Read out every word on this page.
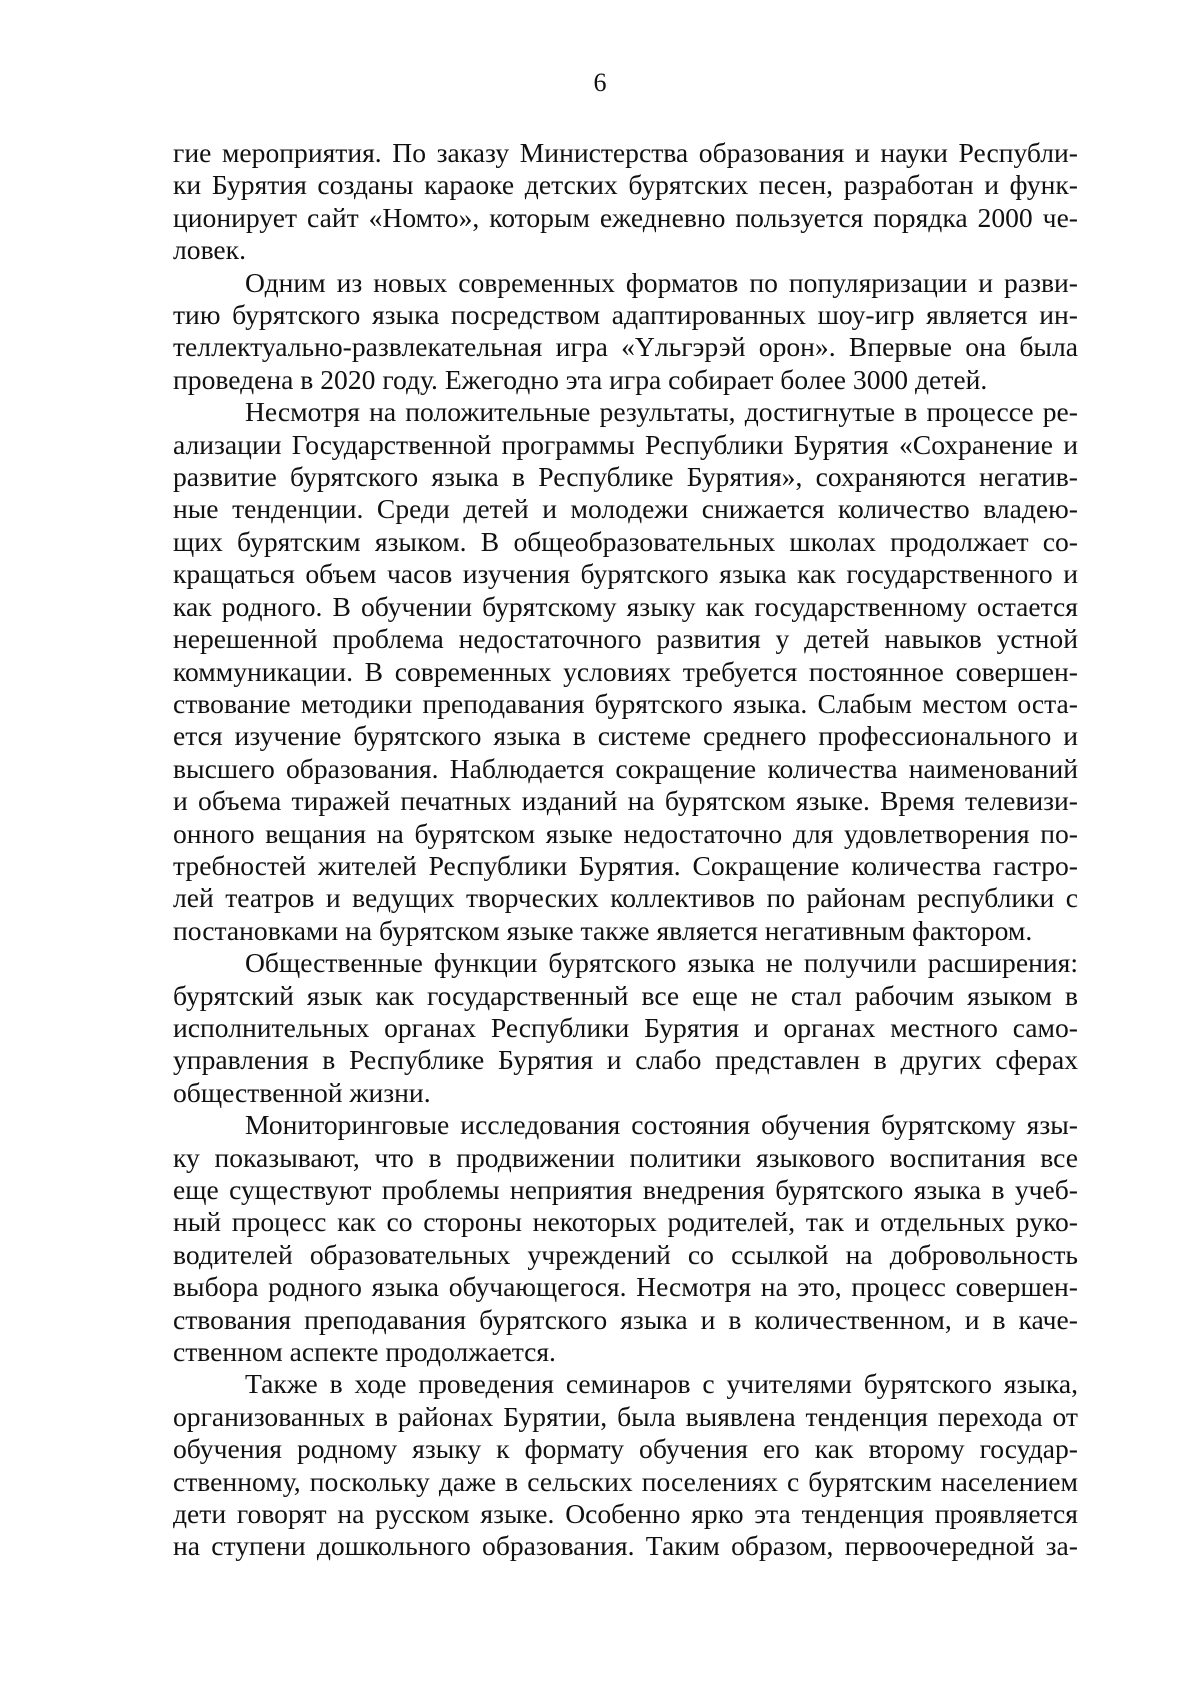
6

гие мероприятия. По заказу Министерства образования и науки Республи-
ки Бурятия созданы караоке детских бурятских песен, разработан и функ-
ционирует сайт «Номто», которым ежедневно пользуется порядка 2000 че-
ловек.

Одним из новых современных форматов по популяризации и разви-
тию бурятского языка посредством адаптированных шоу-игр является ин-
теллектуально-развлекательная игра «Үльгэрэй орон». Впервые она была
проведена в 2020 году. Ежегодно эта игра собирает более 3000 детей.

Несмотря на положительные результаты, достигнутые в процессе ре-
ализации Государственной программы Республики Бурятия «Сохранение и
развитие бурятского языка в Республике Бурятия», сохраняются негатив-
ные тенденции. Среди детей и молодежи снижается количество владею-
щих бурятским языком. В общеобразовательных школах продолжает со-
кращаться объем часов изучения бурятского языка как государственного и
как родного. В обучении бурятскому языку как государственному остается
нерешенной проблема недостаточного развития у детей навыков устной
коммуникации. В современных условиях требуется постоянное совершен-
ствование методики преподавания бурятского языка. Слабым местом оста-
ется изучение бурятского языка в системе среднего профессионального и
высшего образования. Наблюдается сокращение количества наименований
и объема тиражей печатных изданий на бурятском языке. Время телевизи-
онного вещания на бурятском языке недостаточно для удовлетворения по-
требностей жителей Республики Бурятия. Сокращение количества гастро-
лей театров и ведущих творческих коллективов по районам республики с
постановками на бурятском языке также является негативным фактором.

Общественные функции бурятского языка не получили расширения:
бурятский язык как государственный все еще не стал рабочим языком в
исполнительных органах Республики Бурятия и органах местного само-
управления в Республике Бурятия и слабо представлен в других сферах
общественной жизни.

Мониторинговые исследования состояния обучения бурятскому язы-
ку показывают, что в продвижении политики языкового воспитания все
еще существуют проблемы неприятия внедрения бурятского языка в учеб-
ный процесс как со стороны некоторых родителей, так и отдельных руко-
водителей образовательных учреждений со ссылкой на добровольность
выбора родного языка обучающегося. Несмотря на это, процесс совершен-
ствования преподавания бурятского языка и в количественном, и в каче-
ственном аспекте продолжается.

Также в ходе проведения семинаров с учителями бурятского языка,
организованных в районах Бурятии, была выявлена тенденция перехода от
обучения родному языку к формату обучения его как второму государ-
ственному, поскольку даже в сельских поселениях с бурятским населением
дети говорят на русском языке. Особенно ярко эта тенденция проявляется
на ступени дошкольного образования. Таким образом, первоочередной за-
